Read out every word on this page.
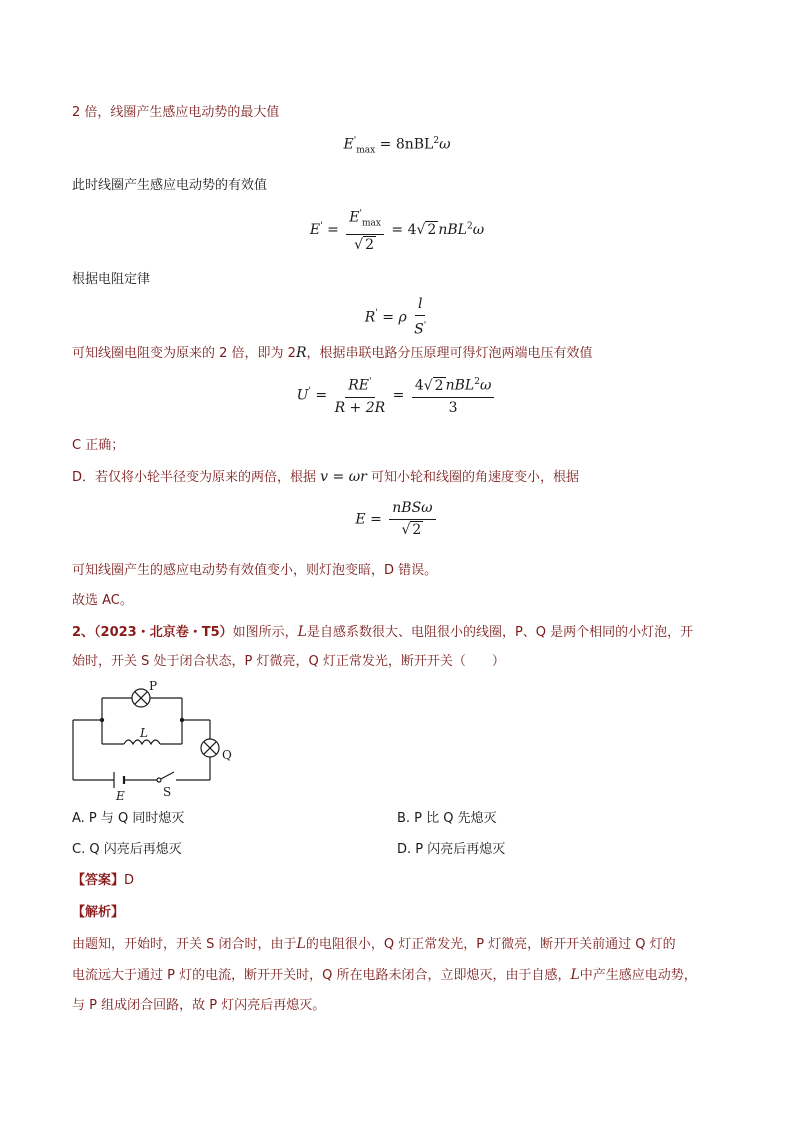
2 倍，线圈产生感应电动势的最大值
$E'_{max} = 8nBL^2\omega$
此时线圈产生感应电动势的有效值
$E' = \frac{E'_{max}}{√ 2} = 4√$ 2 nBL$^2$ω
根据电阻定律
R' = ρ $\frac{l}{S'}$
可知线圈电阻变为原来的 2 倍，即为 2R，根据串联电路分压原理可得灯泡两端电压有效值
$U' = \frac{RE'}{R + 2R} = \frac{4√ 2 nBL^2\omega}{3}$
C 正确；
D．若仅将小轮半径变为原来的两倍，根据 v = ωr 可知小轮和线圈的角速度变小，根据
$E = \frac{\text{nBSω}}{√ 2}$
可知线圈产生的感应电动势有效值变小，则灯泡变暗，D 错误。
故选 AC。
2、（2023・北京卷・T5）如图所示，L是自感系数很大、电阻很小的线圈，P、Q 是两个相同的小灯泡，开
始时，开关 S 处于闭合状态，P 灯微亮，Q 灯正常发光，断开开关（　　）
P
L
Q
S
E
A. P 与 Q 同时熄灭	B. P 比 Q 先熄灭
C. Q 闪亮后再熄灭	D. P 闪亮后再熄灭
【答案】D
【解析】
由题知，开始时，开关 S 闭合时，由于L的电阻很小，Q 灯正常发光，P 灯微亮，断开开关前通过 Q 灯的
电流远大于通过 P 灯的电流，断开开关时，Q 所在电路未闭合，立即熄灭，由于自感，L中产生感应电动势，
与 P 组成闭合回路，故 P 灯闪亮后再熄灭。
